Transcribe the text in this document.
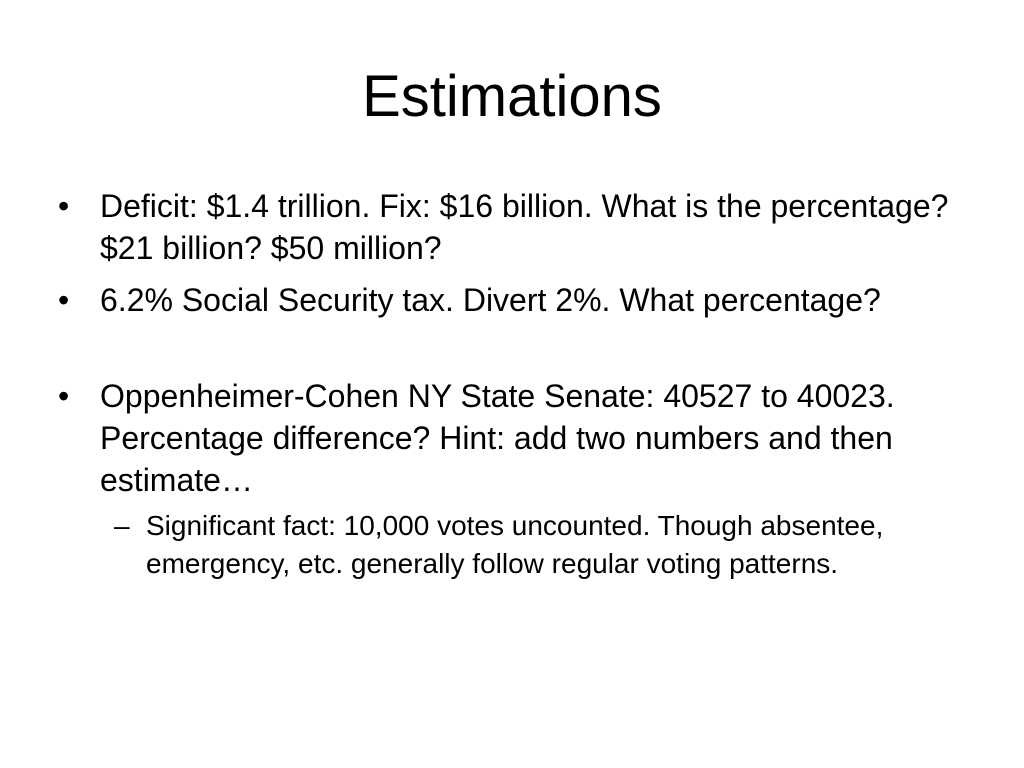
Estimations
• Deficit: $1.4 trillion. Fix: $16 billion. What is the percentage? $21 billion? $50 million?
• 6.2% Social Security tax. Divert 2%. What percentage?
• Oppenheimer-Cohen NY State Senate: 40527 to 40023. Percentage difference? Hint: add two numbers and then estimate…
– Significant fact: 10,000 votes uncounted. Though absentee, emergency, etc. generally follow regular voting patterns.
